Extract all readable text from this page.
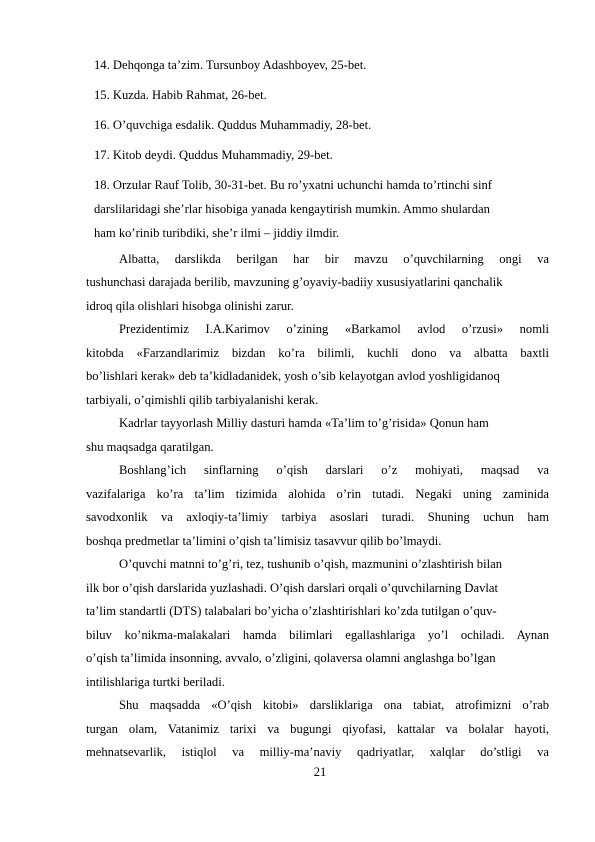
14. Dehqonga ta’zim. Tursunboy Adashboyev, 25-bet.
15. Kuzda. Habib Rahmat, 26-bet.
16. O’quvchiga esdalik. Quddus Muhammadiy, 28-bet.
17. Kitob deydi. Quddus Muhammadiy, 29-bet.
18. Orzular Rauf Tolib, 30-31-bet. Bu ro’yxatni uchunchi hamda to’rtinchi sinf
darslilaridagi she’rlar hisobiga yanada kengaytirish mumkin. Ammo shulardan
ham ko’rinib turibdiki, she’r ilmi – jiddiy ilmdir.
Albatta, darslikda berilgan har bir mavzu o’quvchilarning ongi va
tushunchasi darajada berilib, mavzuning g’oyaviy-badiiy xususiyatlarini qanchalik
idroq qila olishlari hisobga olinishi zarur.
Prezidentimiz I.A.Karimov o’zining «Barkamol avlod o’rzusi» nomli
kitobda «Farzandlarimiz bizdan ko’ra bilimli, kuchli dono va albatta baxtli
bo’lishlari kerak» deb ta’kidladanidek, yosh o’sib kelayotgan avlod yoshligidanoq
tarbiyali, o’qimishli qilib tarbiyalanishi kerak.
Kadrlar tayyorlash Milliy dasturi hamda «Ta’lim to’g’risida» Qonun ham
shu maqsadga qaratilgan.
Boshlang’ich sinflarning o’qish darslari o’z mohiyati, maqsad va
vazifalariga ko’ra ta’lim tizimida alohida o’rin tutadi. Negaki uning zaminida
savodxonlik va axloqiy-ta’limiy tarbiya asoslari turadi. Shuning uchun ham
boshqa predmetlar ta’limini o’qish ta’limisiz tasavvur qilib bo’lmaydi.
O’quvchi matnni to’g’ri, tez, tushunib o’qish, mazmunini o’zlashtirish bilan
ilk bor o’qish darslarida yuzlashadi. O’qish darslari orqali o’quvchilarning Davlat
ta’lim standartli (DTS) talabalari bo’yicha o’zlashtirishlari ko’zda tutilgan o’quv-
biluv ko’nikma-malakalari hamda bilimlari egallashlariga yo’l ochiladi. Aynan
o’qish ta’limida insonning, avvalo, o’zligini, qolaversa olamni anglashga bo’lgan
intilishlariga turtki beriladi.
Shu maqsadda «O’qish kitobi» darsliklariga ona tabiat, atrofimizni o’rab
turgan olam, Vatanimiz tarixi va bugungi qiyofasi, kattalar va bolalar hayoti,
mehnatsevarlik, istiqlol va milliy-ma’naviy qadriyatlar, xalqlar do’stligi va
21
